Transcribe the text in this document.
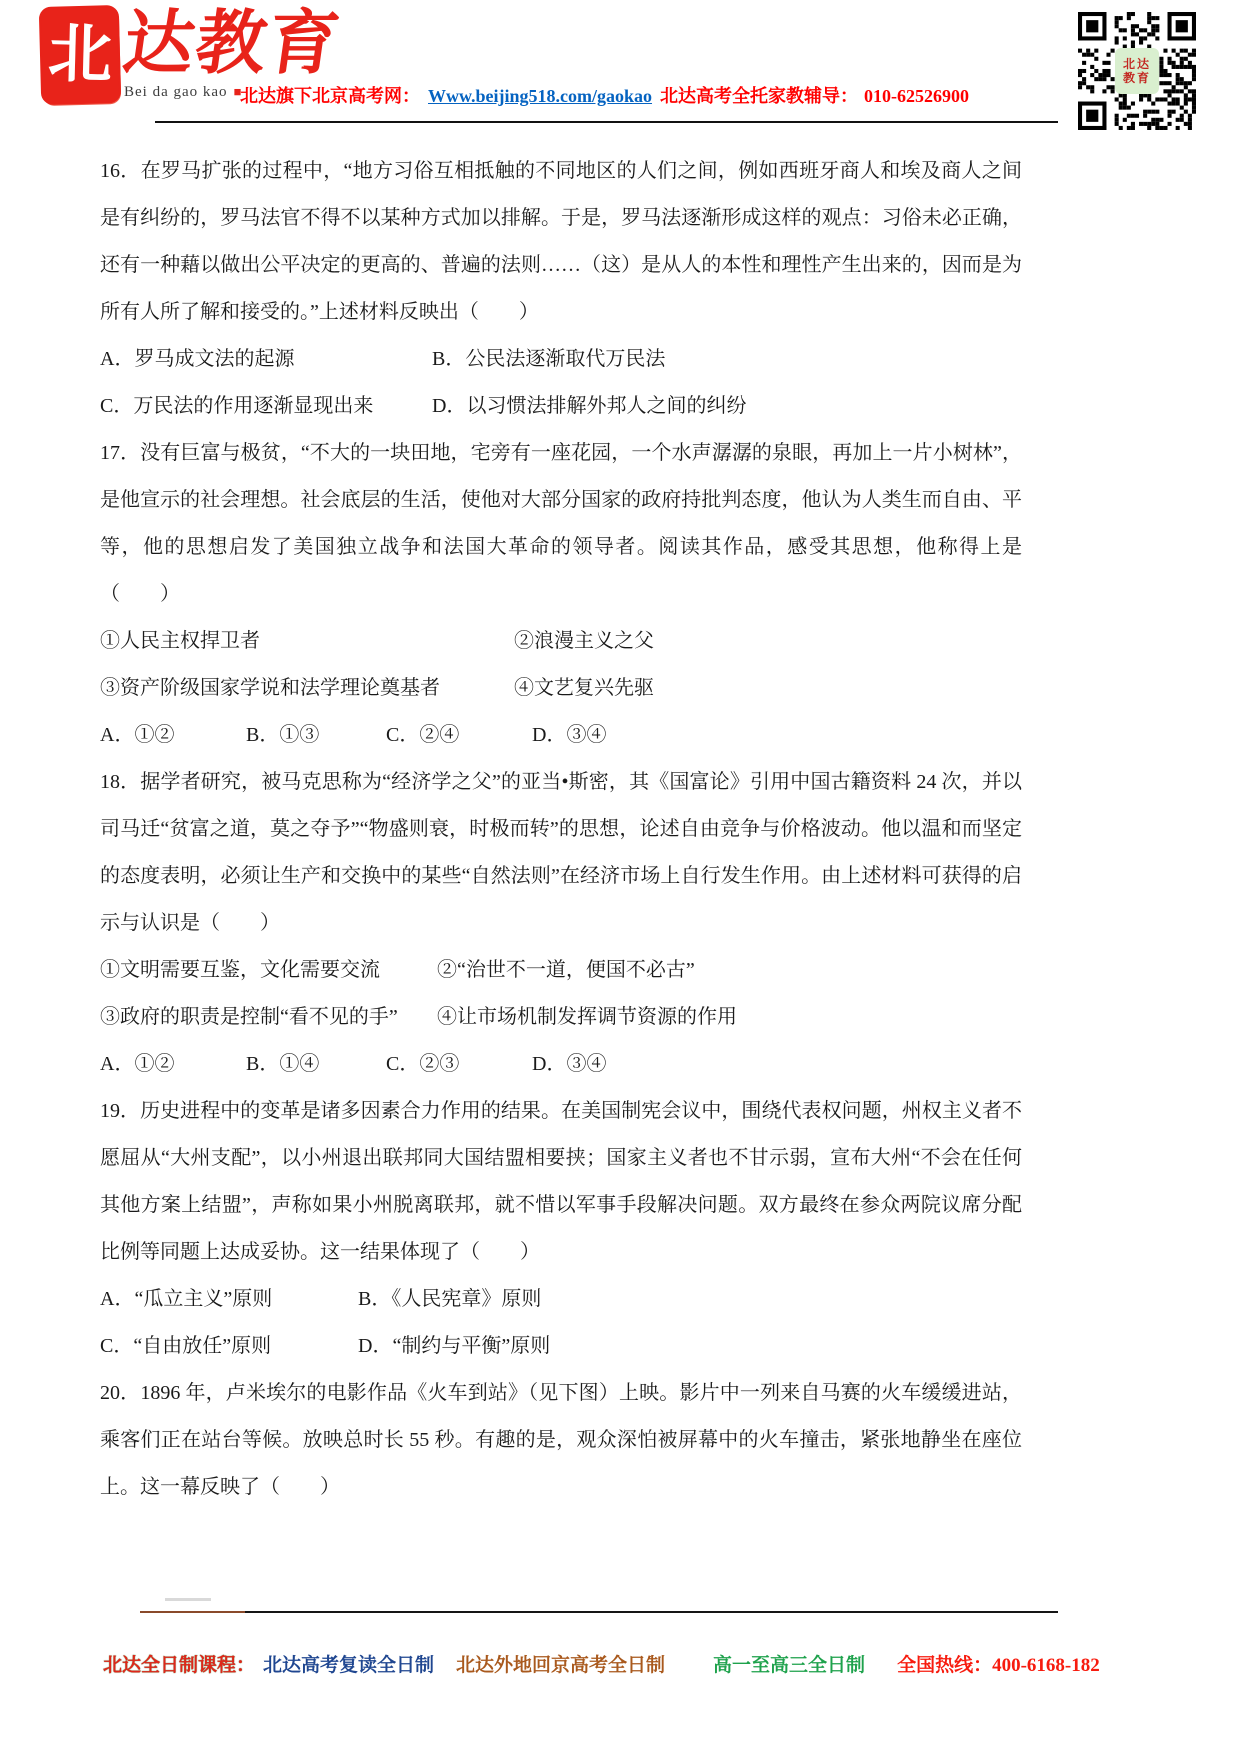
北 达教育
Bei da gao kao ■
北达旗下北京高考网： Www.beijing518.com/gaokao 北达高考全托家教辅导： 010-62526900
北达
教育

16．在罗马扩张的过程中，“地方习俗互相抵触的不同地区的人们之间，例如西班牙商人和埃及商人之间是有纠纷的，罗马法官不得不以某种方式加以排解。于是，罗马法逐渐形成这样的观点：习俗未必正确，还有一种藉以做出公平决定的更高的、普遍的法则……（这）是从人的本性和理性产生出来的，因而是为所有人所了解和接受的。”上述材料反映出（　　）

A．罗马成文法的起源	B．公民法逐渐取代万民法
C．万民法的作用逐渐显现出来	D．以习惯法排解外邦人之间的纠纷

17．没有巨富与极贫，“不大的一块田地，宅旁有一座花园，一个水声潺潺的泉眼，再加上一片小树林”，是他宣示的社会理想。社会底层的生活，使他对大部分国家的政府持批判态度，他认为人类生而自由、平等，他的思想启发了美国独立战争和法国大革命的领导者。阅读其作品，感受其思想，他称得上是（　　）

①人民主权捍卫者	②浪漫主义之父
③资产阶级国家学说和法学理论奠基者	④文艺复兴先驱
A．①②	B．①③	C．②④	D．③④

18．据学者研究，被马克思称为“经济学之父”的亚当•斯密，其《国富论》引用中国古籍资料 24 次，并以司马迁“贫富之道，莫之夺予”“物盛则衰，时极而转”的思想，论述自由竞争与价格波动。他以温和而坚定的态度表明，必须让生产和交换中的某些“自然法则”在经济市场上自行发生作用。由上述材料可获得的启示与认识是（　　）

①文明需要互鉴，文化需要交流	②“治世不一道，便国不必古”
③政府的职责是控制“看不见的手”	④让市场机制发挥调节资源的作用
A．①②	B．①④	C．②③	D．③④

19．历史进程中的变革是诸多因素合力作用的结果。在美国制宪会议中，围绕代表权问题，州权主义者不愿屈从“大州支配”，以小州退出联邦同大国结盟相要挟；国家主义者也不甘示弱，宣布大州“不会在任何其他方案上结盟”，声称如果小州脱离联邦，就不惜以军事手段解决问题。双方最终在参众两院议席分配比例等同题上达成妥协。这一结果体现了（　　）

A．“瓜立主义”原则	B．《人民宪章》原则
C．“自由放任”原则	D．“制约与平衡”原则

20．1896 年，卢米埃尔的电影作品《火车到站》（见下图）上映。影片中一列来自马赛的火车缓缓进站，乘客们正在站台等候。放映总时长 55 秒。有趣的是，观众深怕被屏幕中的火车撞击，紧张地静坐在座位上。这一幕反映了（　　）

北达全日制课程： 北达高考复读全日制 北达外地回京高考全日制	高一至高三全日制 全国热线：400-6168-182
